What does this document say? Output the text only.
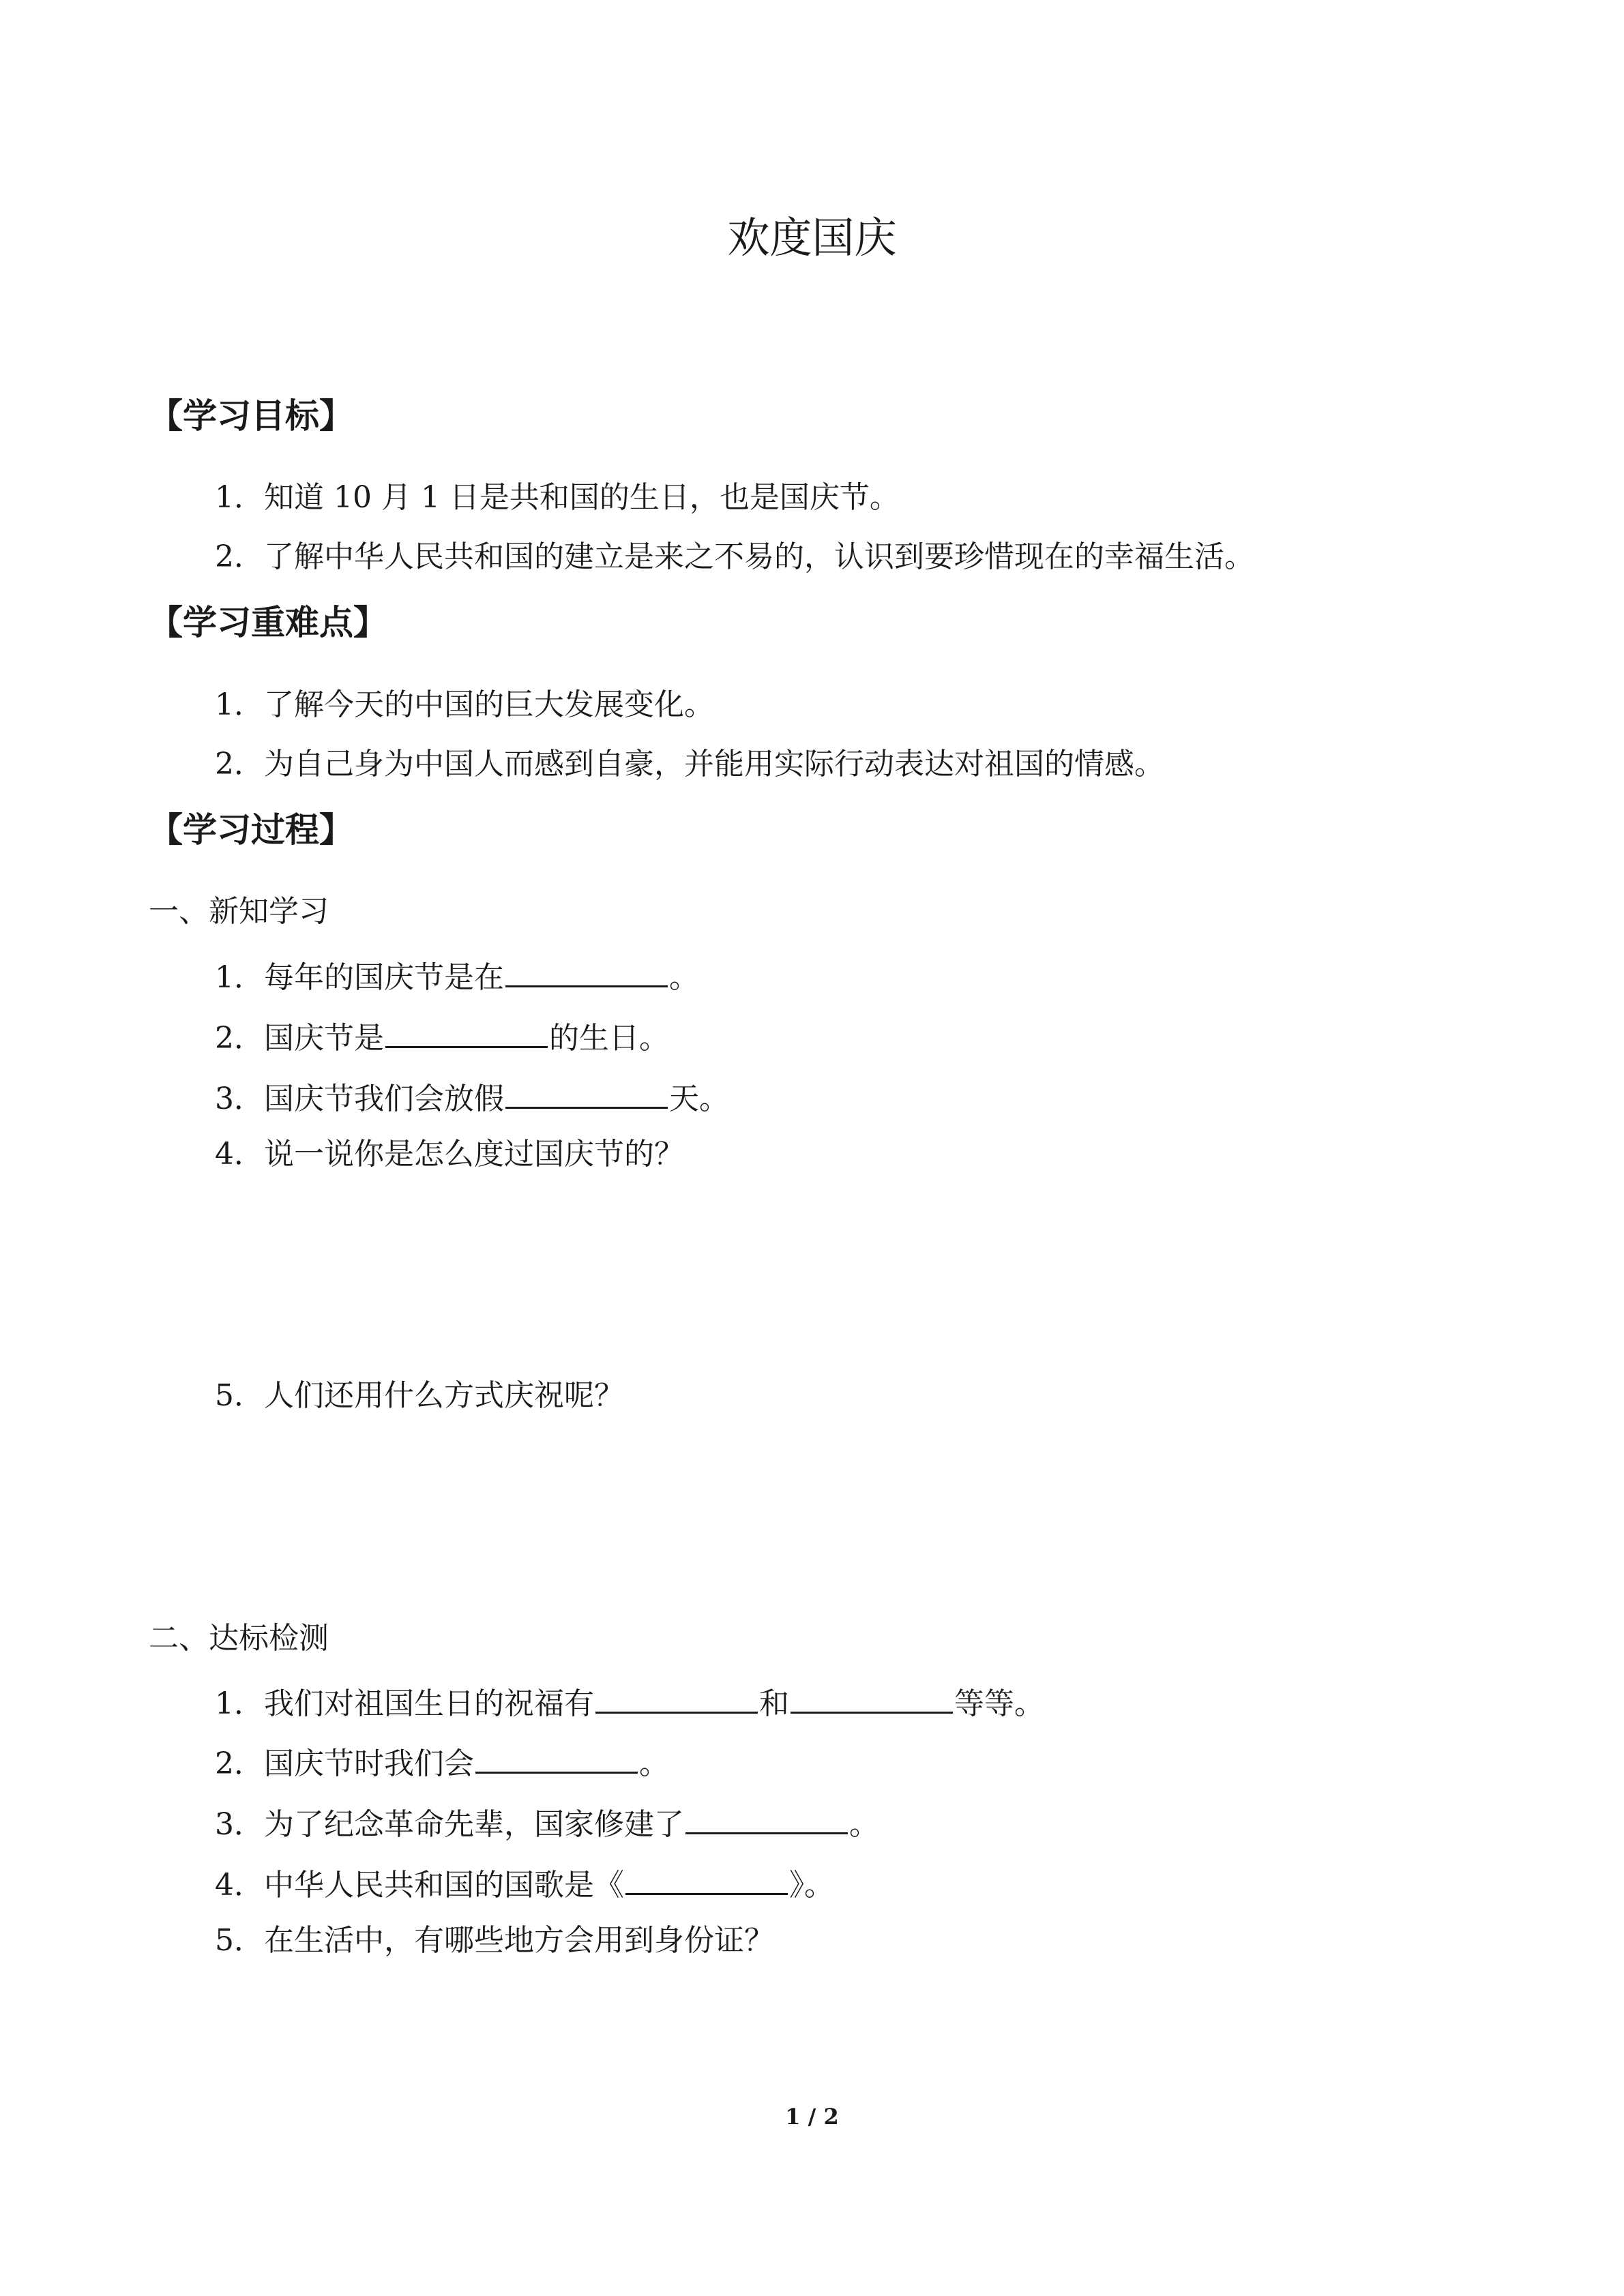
欢度国庆
【学习目标】
1．知道 10 月 1 日是共和国的生日，也是国庆节。
2．了解中华人民共和国的建立是来之不易的，认识到要珍惜现在的幸福生活。
【学习重难点】
1．了解今天的中国的巨大发展变化。
2．为自己身为中国人而感到自豪，并能用实际行动表达对祖国的情感。
【学习过程】
一、新知学习
1．每年的国庆节是在	。
2．国庆节是	的生日。
3．国庆节我们会放假	天。
4．说一说你是怎么度过国庆节的？
5．人们还用什么方式庆祝呢？
二、达标检测
1．我们对祖国生日的祝福有	和	等等。
2．国庆节时我们会	。
3．为了纪念革命先辈，国家修建了	。
4．中华人民共和国的国歌是《	》。
5．在生活中，有哪些地方会用到身份证？
1 / 2
